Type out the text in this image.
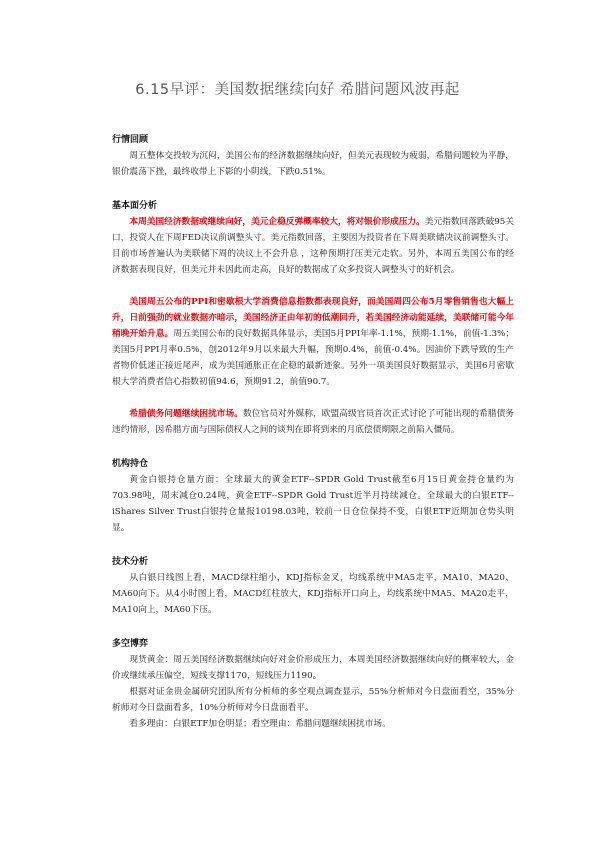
6.15早评：美国数据继续向好 希腊问题风波再起

行情回顾

周五整体交投较为沉闷，美国公布的经济数据继续向好，但美元表现较为疲弱，希腊问题较为平静，银价震荡下挫，最终收带上下影的小阴线，下跌0.51%。

基本面分析

本周美国经济数据或继续向好，美元企稳反弹概率较大，将对银价形成压力。美元指数回落跌破95关口，投资人在下周FED决议前调整头寸。美元指数回落，主要因为投资者在下周美联储决议前调整头寸。目前市场普遍认为美联储下周的决议上不会升息 ，这种预期打压美元走软。另外，本周五美国公布的经济数据表现良好，但美元并未因此而走高，良好的数据成了众多投资人调整头寸的好机会。

美国周五公布的PPI和密歇根大学消费信息指数都表现良好，而美国周四公布5月零售销售也大幅上升，日前强劲的就业数据亦暗示，美国经济正由年初的低潮回升，若美国经济动能延续，美联储可能今年稍晚开始升息。周五美国公布的良好数据具体显示，美国5月PPI年率-1.1%，预期-1.1%，前值-1.3%；美国5月PPI月率0.5%，创2012年9月以来最大升幅，预期0.4%，前值-0.4%。因油价下跌导致的生产者物价低迷正接近尾声，成为美国通胀正在企稳的最新迹象。另外一项美国良好数据显示，美国6月密歇根大学消费者信心指数初值94.6，预期91.2，前值90.7。

希腊债务问题继续困扰市场。数位官员对外媒称，欧盟高级官员首次正式讨论了可能出现的希腊债务违约情形，因希腊方面与国际债权人之间的谈判在即将到来的月底偿债期限之前陷入僵局。

机构持仓

黄金白银持仓量方面：全球最大的黄金ETF--SPDR Gold Trust截至6月15日黄金持仓量约为703.98吨，周末减仓0.24吨，黄金ETF--SPDR Gold Trust近半月持续减仓。全球最大的白银ETF--iShares Silver Trust白银持仓量报10198.03吨，较前一日仓位保持不变，白银ETF近期加仓势头明显。

技术分析

从白银日线图上看，MACD绿柱缩小，KDJ指标金叉，均线系统中MA5走平，MA10、MA20、MA60向下。从4小时图上看，MACD红柱放大，KDJ指标开口向上，均线系统中MA5、MA20走平，MA10向上，MA60下压。

多空博弈

现货黄金：周五美国经济数据继续向好对金价形成压力，本周美国经济数据继续向好的概率较大，金价或继续承压偏空，短线支撑1170，短线压力1190。

根据对证金贵金属研究团队所有分析师的多空观点调查显示，55%分析师对今日盘面看空，35%分析师对今日盘面看多，10%分析师对今日盘面看平。

看多理由：白银ETF加仓明显；看空理由：希腊问题继续困扰市场。
